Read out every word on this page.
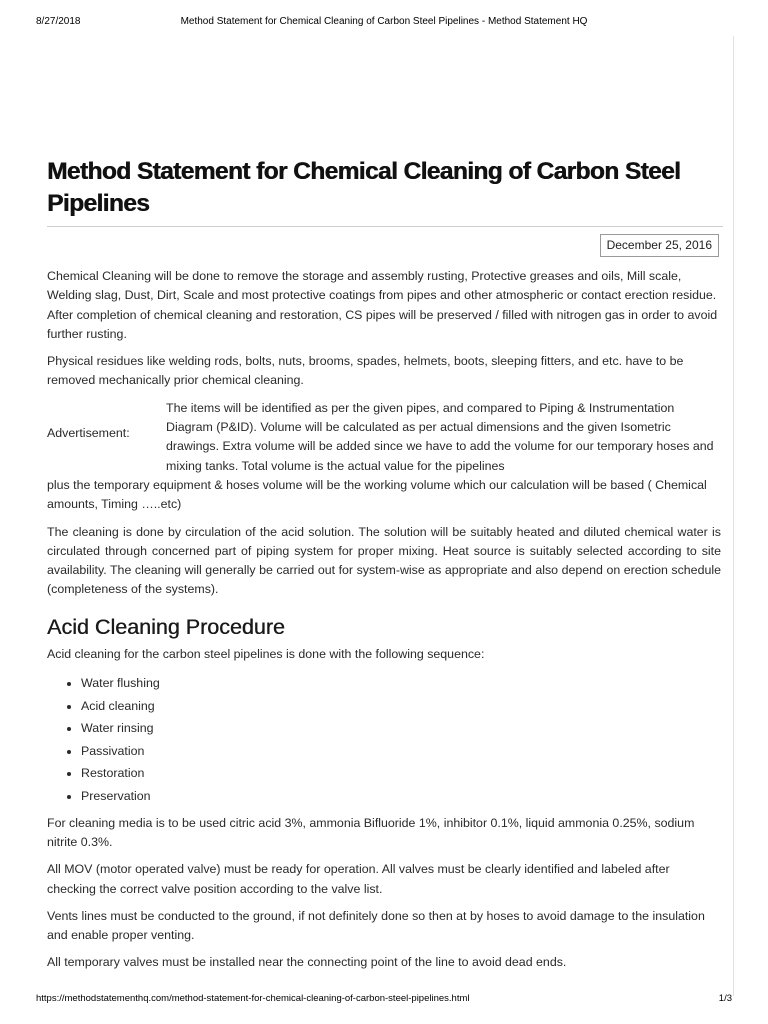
8/27/2018	Method Statement for Chemical Cleaning of Carbon Steel Pipelines - Method Statement HQ
Method Statement for Chemical Cleaning of Carbon Steel Pipelines
December 25, 2016

Chemical Cleaning will be done to remove the storage and assembly rusting, Protective greases and oils, Mill scale, Welding slag, Dust, Dirt, Scale and most protective coatings from pipes and other atmospheric or contact erection residue. After completion of chemical cleaning and restoration, CS pipes will be preserved / filled with nitrogen gas in order to avoid further rusting.

Physical residues like welding rods, bolts, nuts, brooms, spades, helmets, boots, sleeping fitters, and etc. have to be removed mechanically prior chemical cleaning.

Advertisement:

The items will be identified as per the given pipes, and compared to Piping & Instrumentation Diagram (P&ID). Volume will be calculated as per actual dimensions and the given Isometric drawings. Extra volume will be added since we have to add the volume for our temporary hoses and mixing tanks. Total volume is the actual value for the pipelines
plus the temporary equipment & hoses volume will be the working volume which our calculation will be based ( Chemical amounts, Timing …..etc)

The cleaning is done by circulation of the acid solution. The solution will be suitably heated and diluted chemical water is circulated through concerned part of piping system for proper mixing. Heat source is suitably selected according to site availability. The cleaning will generally be carried out for system-wise as appropriate and also depend on erection schedule (completeness of the systems).

Acid Cleaning Procedure

Acid cleaning for the carbon steel pipelines is done with the following sequence:

• Water flushing
• Acid cleaning
• Water rinsing
• Passivation
• Restoration
• Preservation

For cleaning media is to be used citric acid 3%, ammonia Bifluoride 1%, inhibitor 0.1%, liquid ammonia 0.25%, sodium nitrite 0.3%.

All MOV (motor operated valve) must be ready for operation. All valves must be clearly identified and labeled after checking the correct valve position according to the valve list.

Vents lines must be conducted to the ground, if not definitely done so then at by hoses to avoid damage to the insulation and enable proper venting.

All temporary valves must be installed near the connecting point of the line to avoid dead ends.

https://methodstatementhq.com/method-statement-for-chemical-cleaning-of-carbon-steel-pipelines.html	1/3
